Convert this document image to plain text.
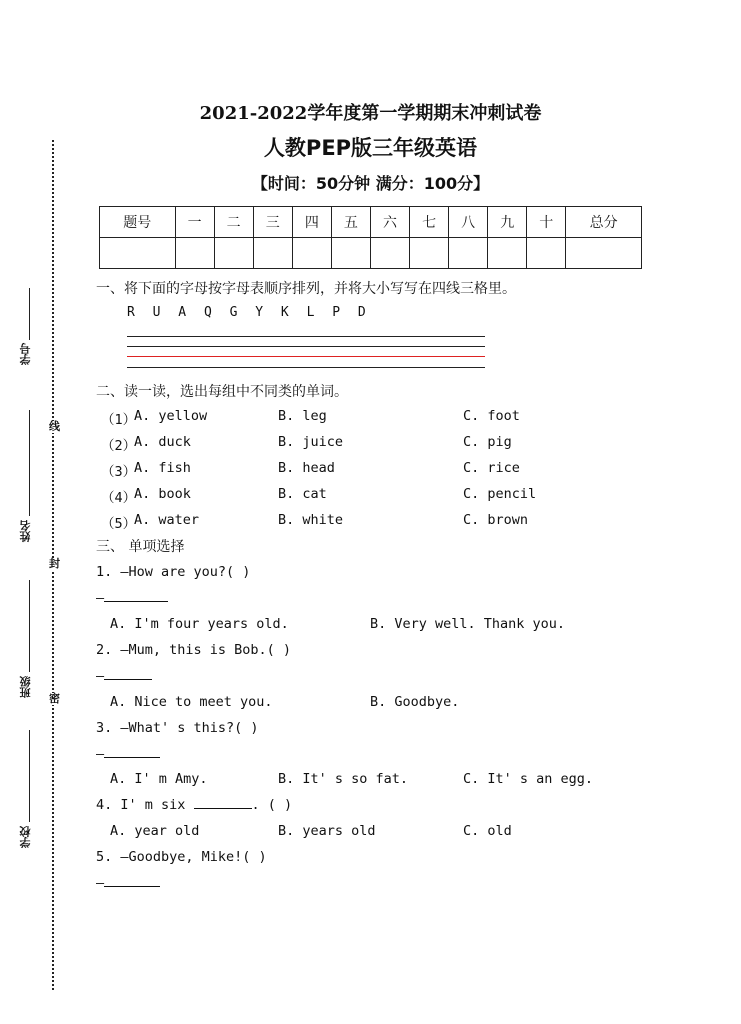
学号
姓名
班级
学校
线
封
密
2021-2022学年度第一学期期末冲刺试卷
人教PEP版三年级英语
【时间：50分钟 满分：100分】
题号	一	二	三	四	五	六	七	八	九	十	总分

一、将下面的字母按字母表顺序排列，并将大小写写在四线三格里。
R U A Q G Y K L P D
二、读一读，选出每组中不同类的单词。
（1）
A. yellow	B. leg	C. foot
（2）
A. duck	B. juice	C. pig
（3）
A. fish	B. head	C. rice
（4）
A. book	B. cat	C. pencil
（5）
A. water	B. white	C. brown
三、 单项选择
1. —How are you?( )
—
A. I'm four years old.	B. Very well. Thank you.
2. —Mum, this is Bob.( )
—
A. Nice to meet you.	B. Goodbye.
3. —What' s this?( )
—
A. I' m Amy.	B. It' s so fat.	C. It' s an egg.
4. I' m six	. ( )
A. year old	B. years old	C. old
5. —Goodbye, Mike!( )
—
